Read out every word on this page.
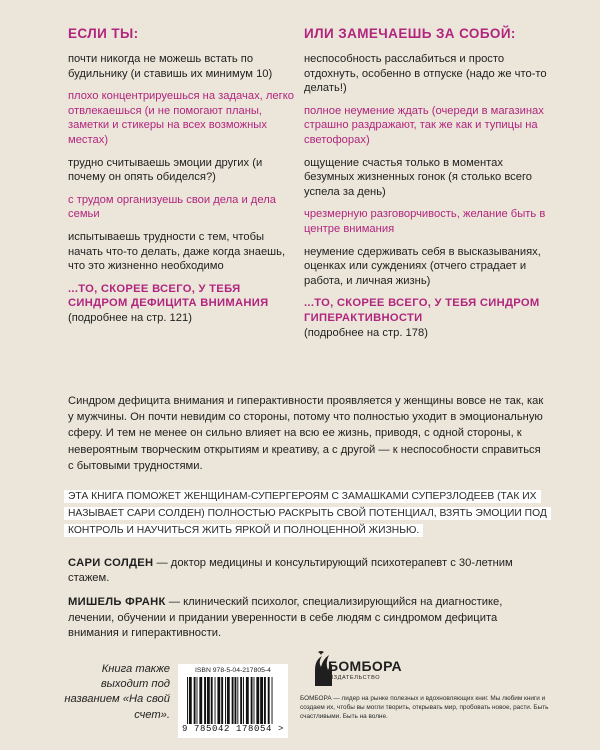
ЕСЛИ ТЫ:
почти никогда не можешь встать по будильнику (и ставишь их минимум 10)
плохо концентрируешься на задачах, легко отвлекаешься (и не помогают планы, заметки и стикеры на всех возможных местах)
трудно считываешь эмоции других (и почему он опять обиделся?)
с трудом организуешь свои дела и дела семьи
испытываешь трудности с тем, чтобы начать что-то делать, даже когда знаешь, что это жизненно необходимо
...ТО, СКОРЕЕ ВСЕГО, У ТЕБЯ СИНДРОМ ДЕФИЦИТА ВНИМАНИЯ
(подробнее на стр. 121)
ИЛИ ЗАМЕЧАЕШЬ ЗА СОБОЙ:
неспособность расслабиться и просто отдохнуть, особенно в отпуске (надо же что-то делать!)
полное неумение ждать (очереди в магазинах страшно раздражают, так же как и тупицы на светофорах)
ощущение счастья только в моментах безумных жизненных гонок (я столько всего успела за день)
чрезмерную разговорчивость, желание быть в центре внимания
неумение сдерживать себя в высказываниях, оценках или суждениях (отчего страдает и работа, и личная жизнь)
...ТО, СКОРЕЕ ВСЕГО, У ТЕБЯ СИНДРОМ ГИПЕРАКТИВНОСТИ
(подробнее на стр. 178)
Синдром дефицита внимания и гиперактивности проявляется у женщины вовсе не так, как у мужчины. Он почти невидим со стороны, потому что полностью уходит в эмоциональную сферу. И тем не менее он сильно влияет на всю ее жизнь, приводя, с одной стороны, к невероятным творческим открытиям и креативу, а с другой — к неспособности справиться с бытовыми трудностями.
ЭТА КНИГА ПОМОЖЕТ ЖЕНЩИНАМ-СУПЕРГЕРОЯМ С ЗАМАШКАМИ СУПЕРЗЛОДЕЕВ (ТАК ИХ НАЗЫВАЕТ САРИ СОЛДЕН) ПОЛНОСТЬЮ РАСКРЫТЬ СВОЙ ПОТЕНЦИАЛ, ВЗЯТЬ ЭМОЦИИ ПОД КОНТРОЛЬ И НАУЧИТЬСЯ ЖИТЬ ЯРКОЙ И ПОЛНОЦЕННОЙ ЖИЗНЬЮ.

САРИ СОЛДЕН — доктор медицины и консультирующий психотерапевт с 30-летним стажем.

МИШЕЛЬ ФРАНК — клинический психолог, специализирующийся на диагностике, лечении, обучении и придании уверенности в себе людям с синдромом дефицита внимания и гиперактивности.

Книга также выходит под названием «На свой счет».
ISBN 978-5-04-217805-4
9 785042 178054 >
БОМБОРА
ИЗДАТЕЛЬСТВО
БОМБОРА — лидер на рынке полезных и вдохновляющих книг. Мы любим книги и создаем их, чтобы вы могли творить, открывать мир, пробовать новое, расти. Быть счастливыми. Быть на волне.
